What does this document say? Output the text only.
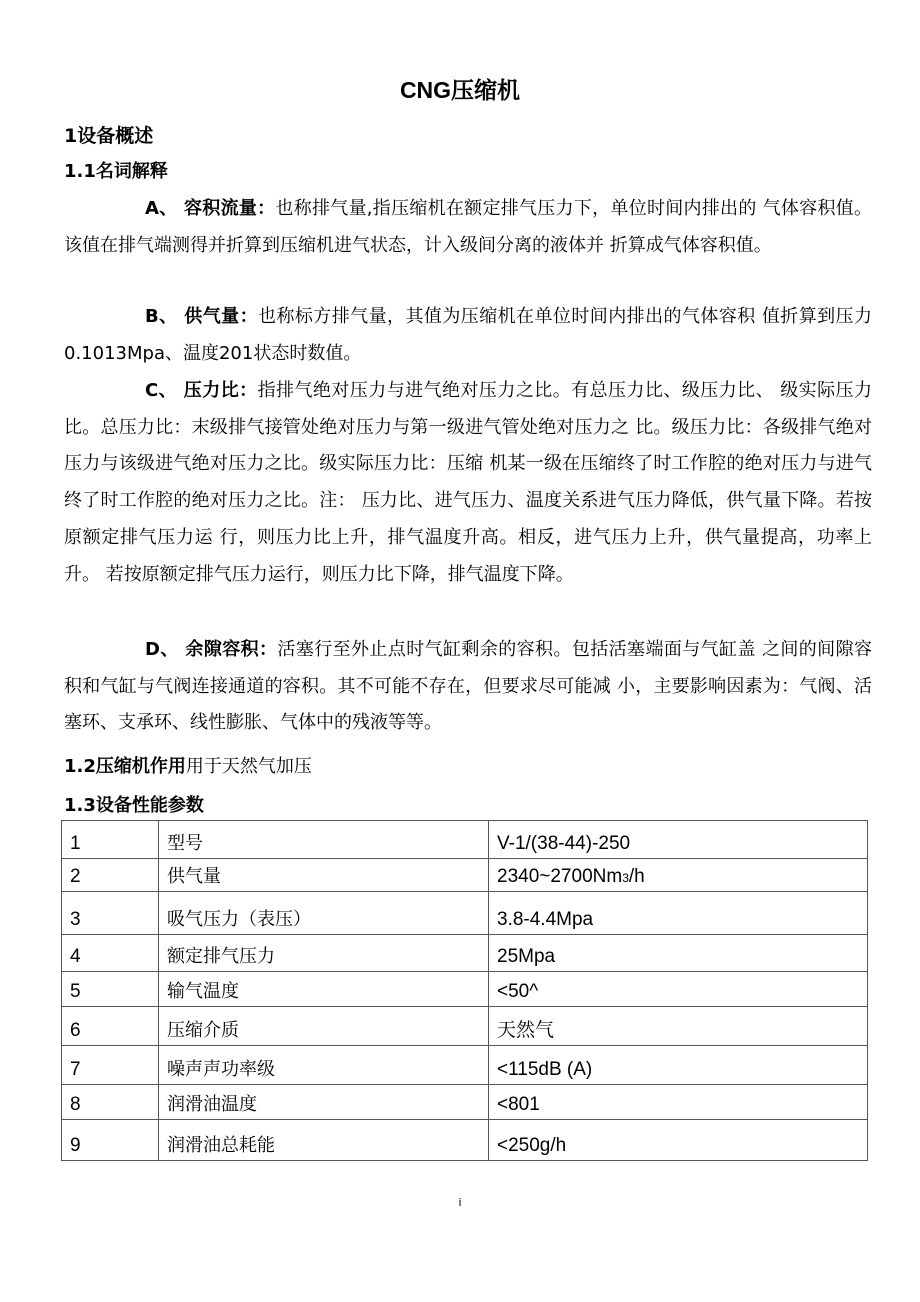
CNG压缩机
1设备概述
1.1名词解释
A、 容积流量：也称排气量,指压缩机在额定排气压力下，单位时间内排出的 气体容积值。该值在排气端测得并折算到压缩机进气状态，计入级间分离的液体并 折算成气体容积值。
B、 供气量：也称标方排气量，其值为压缩机在单位时间内排出的气体容积 值折算到压力0.1013Mpa、温度201状态时数值。
C、 压力比：指排气绝对压力与进气绝对压力之比。有总压力比、级压力比、 级实际压力比。总压力比：末级排气接管处绝对压力与第一级进气管处绝对压力之 比。级压力比：各级排气绝对压力与该级进气绝对压力之比。级实际压力比：压缩 机某一级在压缩终了时工作腔的绝对压力与进气终了时工作腔的绝对压力之比。注： 压力比、进气压力、温度关系进气压力降低，供气量下降。若按原额定排气压力运 行，则压力比上升，排气温度升高。相反，进气压力上升，供气量提高，功率上升。 若按原额定排气压力运行，则压力比下降，排气温度下降。
D、 余隙容积：活塞行至外止点时气缸剩余的容积。包括活塞端面与气缸盖 之间的间隙容积和气缸与气阀连接通道的容积。其不可能不存在，但要求尽可能减 小，主要影响因素为：气阀、活塞环、支承环、线性膨胀、气体中的残液等等。
1.2压缩机作用用于天然气加压
1.3设备性能参数
1	型号	V-1/(38-44)-250
2	供气量	2340~2700Nm3/h
3	吸气压力（表压）	3.8-4.4Mpa
4	额定排气压力	25Mpa
5	输气温度	<50^
6	压缩介质	天然气
7	噪声声功率级	<115dB (A)
8	润滑油温度	<801
9	润滑油总耗能	<250g/h
i
